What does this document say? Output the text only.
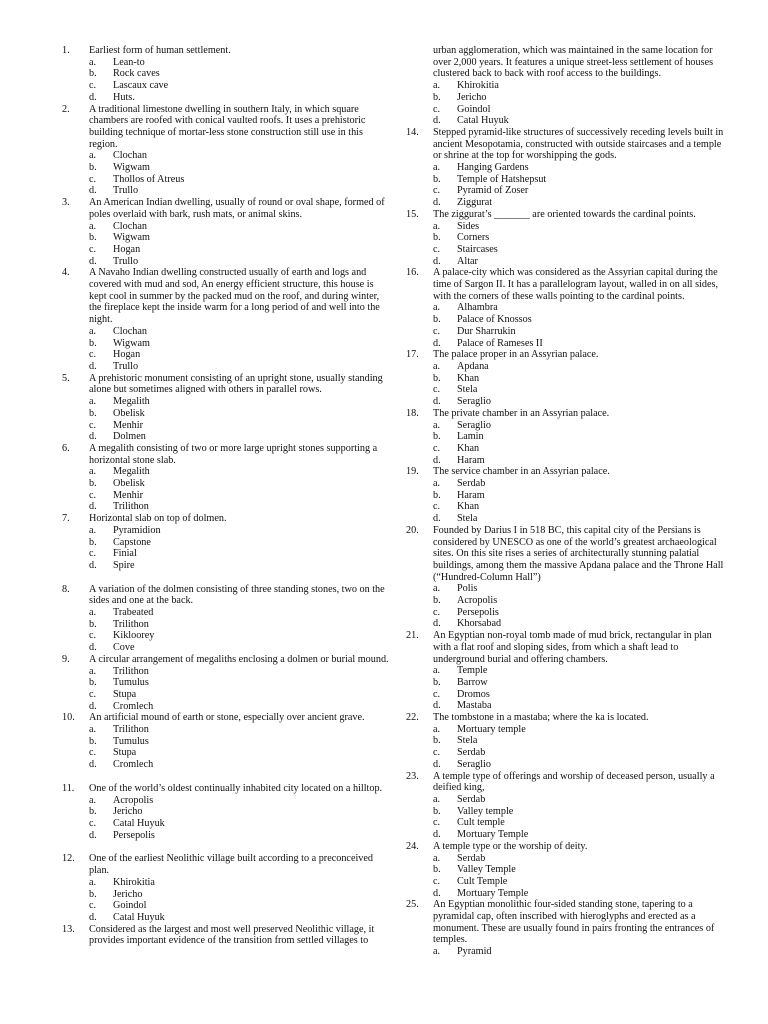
1.	Earliest form of human settlement.
a.	Lean-to
b.	Rock caves
c.	Lascaux cave
d.	Huts.
2.	A traditional limestone dwelling in southern Italy, in which square chambers are roofed with conical vaulted roofs. It uses a prehistoric building technique of mortar-less stone construction still use in this region.
a.	Clochan
b.	Wigwam
c.	Thollos of Atreus
d.	Trullo
3.	An American Indian dwelling, usually of round or oval shape, formed of poles overlaid with bark, rush mats, or animal skins.
a.	Clochan
b.	Wigwam
c.	Hogan
d.	Trullo
4.	A Navaho Indian dwelling constructed usually of earth and logs and covered with mud and sod, An energy efficient structure, this house is kept cool in summer by the packed mud on the roof, and during winter, the fireplace kept the inside warm for a long period of and well into the night.
a.	Clochan
b.	Wigwam
c.	Hogan
d.	Trullo
5.	A prehistoric monument consisting of an upright stone, usually standing alone but sometimes aligned with others in parallel rows.
a.	Megalith
b.	Obelisk
c.	Menhir
d.	Dolmen
6.	A megalith consisting of two or more large upright stones supporting a horizontal stone slab.
a.	Megalith
b.	Obelisk
c.	Menhir
d.	Trilithon
7.	Horizontal slab on top of dolmen.
a.	Pyramidion
b.	Capstone
c.	Finial
d.	Spire
8.	A variation of the dolmen consisting of three standing stones, two on the sides and one at the back.
a.	Trabeated
b.	Trilithon
c.	Kikloorey
d.	Cove
9.	A circular arrangement of megaliths enclosing a dolmen or burial mound.
a.	Trilithon
b.	Tumulus
c.	Stupa
d.	Cromlech
10.	An artificial mound of earth or stone, especially over ancient grave.
a.	Trilithon
b.	Tumulus
c.	Stupa
d.	Cromlech
11.	One of the world’s oldest continually inhabited city located on a hilltop.
a.	Acropolis
b.	Jericho
c.	Catal Huyuk
d.	Persepolis
12.	One of the earliest Neolithic village built according to a preconceived plan.
a.	Khirokitia
b.	Jericho
c.	Goindol
d.	Catal Huyuk
13.	Considered as the largest and most well preserved Neolithic village, it provides important evidence of the transition from settled villages to
urban agglomeration, which was maintained in the same location for over 2,000 years. It features a unique street-less settlement of houses clustered back to back with roof access to the buildings.
a.	Khirokitia
b.	Jericho
c.	Goindol
d.	Catal Huyuk
14.	Stepped pyramid-like structures of successively receding levels built in ancient Mesopotamia, constructed with outside staircases and a temple or shrine at the top for worshipping the gods.
a.	Hanging Gardens
b.	Temple of Hatshepsut
c.	Pyramid of Zoser
d.	Ziggurat
15.	The ziggurat’s _______ are oriented towards the cardinal points.
a.	Sides
b.	Corners
c.	Staircases
d.	Altar
16.	A palace-city which was considered as the Assyrian capital during the time of Sargon II. It has a parallelogram layout, walled in on all sides, with the corners of these walls pointing to the cardinal points.
a.	Alhambra
b.	Palace of Knossos
c.	Dur Sharrukin
d.	Palace of Rameses II
17.	The palace proper in an Assyrian palace.
a.	Apdana
b.	Khan
c.	Stela
d.	Seraglio
18.	The private chamber in an Assyrian palace.
a.	Seraglio
b.	Lamin
c.	Khan
d.	Haram
19.	The service chamber in an Assyrian palace.
a.	Serdab
b.	Haram
c.	Khan
d.	Stela
20.	Founded by Darius I in 518 BC, this capital city of the Persians is considered by UNESCO as one of the world’s greatest archaeological sites. On this site rises a series of architecturally stunning palatial buildings, among them the massive Apdana palace and the Throne Hall (“Hundred-Column Hall”)
a.	Polis
b.	Acropolis
c.	Persepolis
d.	Khorsabad
21.	An Egyptian non-royal tomb made of mud brick, rectangular in plan with a flat roof and sloping sides, from which a shaft lead to underground burial and offering chambers.
a.	Temple
b.	Barrow
c.	Dromos
d.	Mastaba
22.	The tombstone in a mastaba; where the ka is located.
a.	Mortuary temple
b.	Stela
c.	Serdab
d.	Seraglio
23.	A temple type of offerings and worship of deceased person, usually a deified king,
a.	Serdab
b.	Valley temple
c.	Cult temple
d.	Mortuary Temple
24.	A temple type or the worship of deity.
a.	Serdab
b.	Valley Temple
c.	Cult Temple
d.	Mortuary Temple
25.	An Egyptian monolithic four-sided standing stone, tapering to a pyramidal cap, often inscribed with hieroglyphs and erected as a monument. These are usually found in pairs fronting the entrances of temples.
a.	Pyramid
